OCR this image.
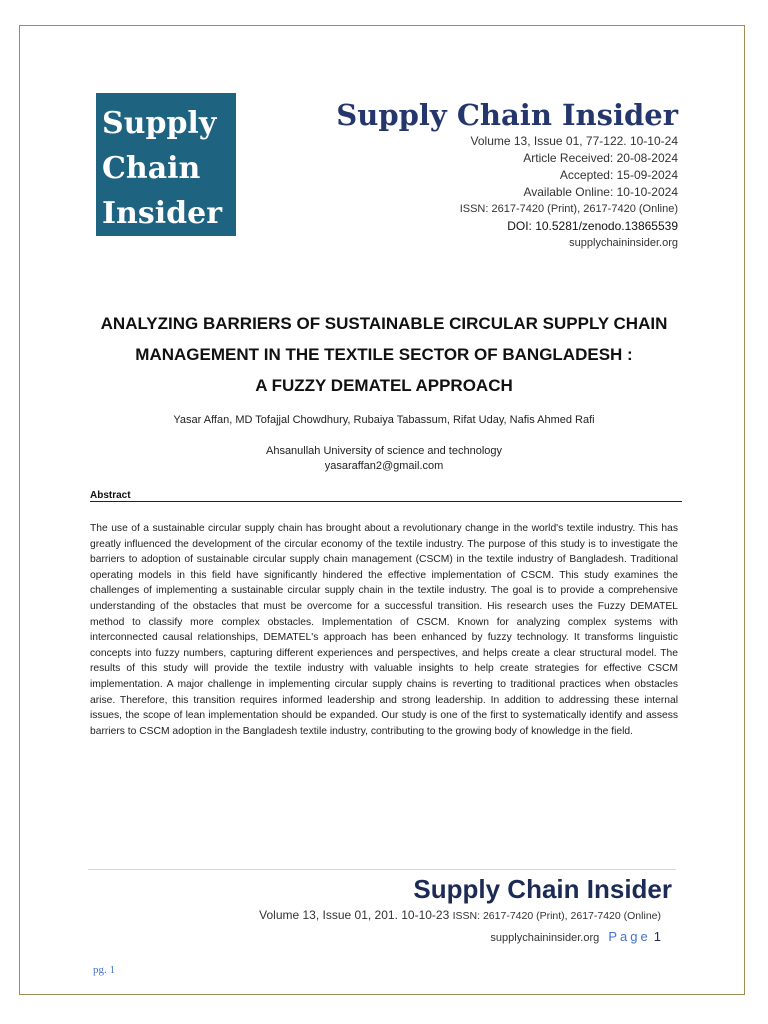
Supply
Chain
Insider
Supply Chain Insider
Volume 13, Issue 01, 77-122. 10-10-24
Article Received: 20-08-2024
Accepted: 15-09-2024
Available Online: 10-10-2024
ISSN: 2617-7420 (Print), 2617-7420 (Online)
DOI: 10.5281/zenodo.13865539
supplychaininsider.org
ANALYZING BARRIERS OF SUSTAINABLE CIRCULAR SUPPLY CHAIN
MANAGEMENT IN THE TEXTILE SECTOR OF BANGLADESH :
A FUZZY DEMATEL APPROACH
Yasar Affan, MD Tofajjal Chowdhury, Rubaiya Tabassum, Rifat Uday, Nafis Ahmed Rafi
Ahsanullah University of science and technology
yasaraffan2@gmail.com
Abstract
The use of a sustainable circular supply chain has brought about a revolutionary change in the world's textile industry. This has greatly influenced the development of the circular economy of the textile industry. The purpose of this study is to investigate the barriers to adoption of sustainable circular supply chain management (CSCM) in the textile industry of Bangladesh. Traditional operating models in this field have significantly hindered the effective implementation of CSCM. This study examines the challenges of implementing a sustainable circular supply chain in the textile industry. The goal is to provide a comprehensive understanding of the obstacles that must be overcome for a successful transition. His research uses the Fuzzy DEMATEL method to classify more complex obstacles. Implementation of CSCM. Known for analyzing complex systems with interconnected causal relationships, DEMATEL's approach has been enhanced by fuzzy technology. It transforms linguistic concepts into fuzzy numbers, capturing different experiences and perspectives, and helps create a clear structural model. The results of this study will provide the textile industry with valuable insights to help create strategies for effective CSCM implementation. A major challenge in implementing circular supply chains is reverting to traditional practices when obstacles arise. Therefore, this transition requires informed leadership and strong leadership. In addition to addressing these internal issues, the scope of lean implementation should be expanded. Our study is one of the first to systematically identify and assess barriers to CSCM adoption in the Bangladesh textile industry, contributing to the growing body of knowledge in the field.
Supply Chain Insider
Volume 13, Issue 01, 201. 10-10-23 ISSN: 2617-7420 (Print), 2617-7420 (Online)
supplychaininsider.org Page 1
pg. 1
